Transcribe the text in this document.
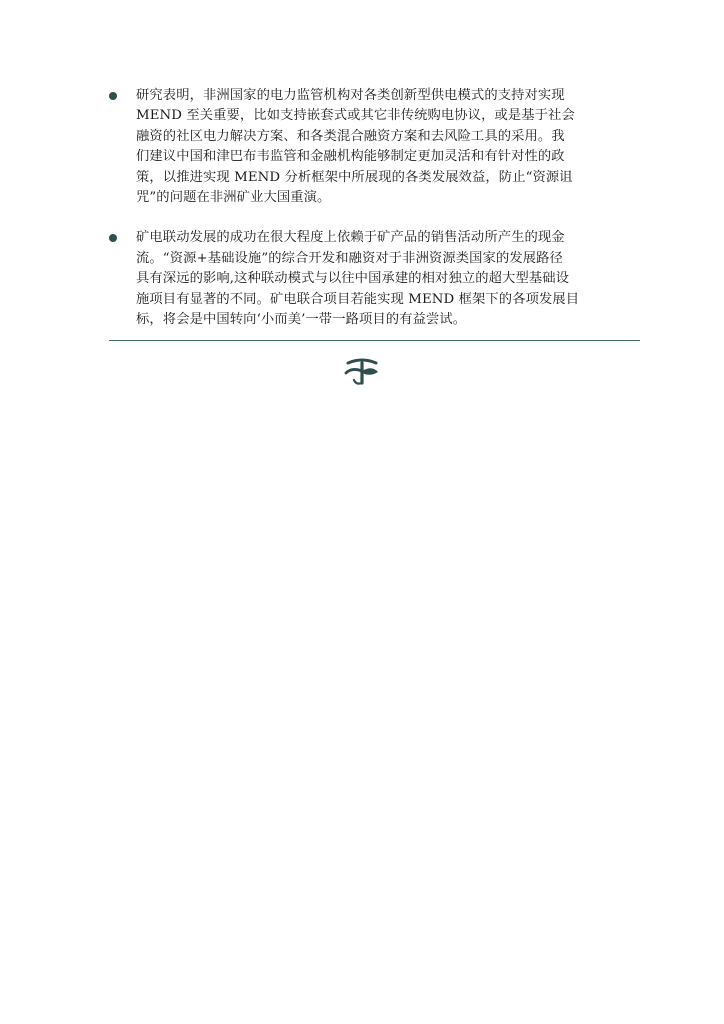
研究表明，非洲国家的电力监管机构对各类创新型供电模式的支持对实现
MEND 至关重要，比如支持嵌套式或其它非传统购电协议，或是基于社会
融资的社区电力解决方案、和各类混合融资方案和去风险工具的采用。我
们建议中国和津巴布韦监管和金融机构能够制定更加灵活和有针对性的政
策，以推进实现 MEND 分析框架中所展现的各类发展效益，防止“资源诅
咒”的问题在非洲矿业大国重演。
矿电联动发展的成功在很大程度上依赖于矿产品的销售活动所产生的现金
流。“资源+基础设施”的综合开发和融资对于非洲资源类国家的发展路径
具有深远的影响,这种联动模式与以往中国承建的相对独立的超大型基础设
施项目有显著的不同。矿电联合项目若能实现 MEND 框架下的各项发展目
标，将会是中国转向‘小而美’一带一路项目的有益尝试。
